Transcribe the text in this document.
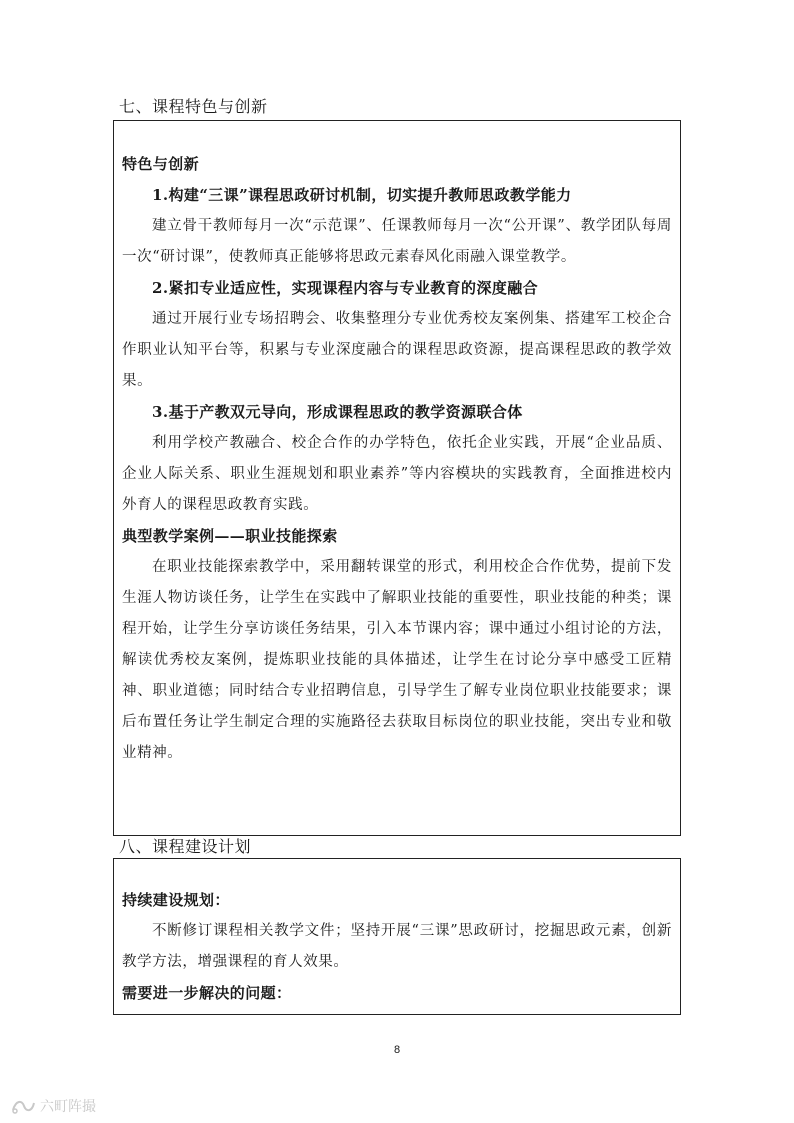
七、课程特色与创新
特色与创新
1.构建“三课”课程思政研讨机制，切实提升教师思政教学能力

建立骨干教师每月一次“示范课”、任课教师每月一次“公开课”、教学团队每周一次“研讨课”，使教师真正能够将思政元素春风化雨融入课堂教学。

2.紧扣专业适应性，实现课程内容与专业教育的深度融合

通过开展行业专场招聘会、收集整理分专业优秀校友案例集、搭建军工校企合作职业认知平台等，积累与专业深度融合的课程思政资源，提高课程思政的教学效果。

3.基于产教双元导向，形成课程思政的教学资源联合体

利用学校产教融合、校企合作的办学特色，依托企业实践，开展“企业品质、企业人际关系、职业生涯规划和职业素养”等内容模块的实践教育，全面推进校内外育人的课程思政教育实践。

典型教学案例——职业技能探索

在职业技能探索教学中，采用翻转课堂的形式，利用校企合作优势，提前下发生涯人物访谈任务，让学生在实践中了解职业技能的重要性，职业技能的种类；课程开始，让学生分享访谈任务结果，引入本节课内容；课中通过小组讨论的方法，解读优秀校友案例，提炼职业技能的具体描述，让学生在讨论分享中感受工匠精神、职业道德；同时结合专业招聘信息，引导学生了解专业岗位职业技能要求；课后布置任务让学生制定合理的实施路径去获取目标岗位的职业技能，突出专业和敬业精神。

八、课程建设计划
持续建设规划：

不断修订课程相关教学文件；坚持开展“三课”思政研讨，挖掘思政元素，创新教学方法，增强课程的育人效果。

需要进一步解决的问题：
8
六町阵撮
